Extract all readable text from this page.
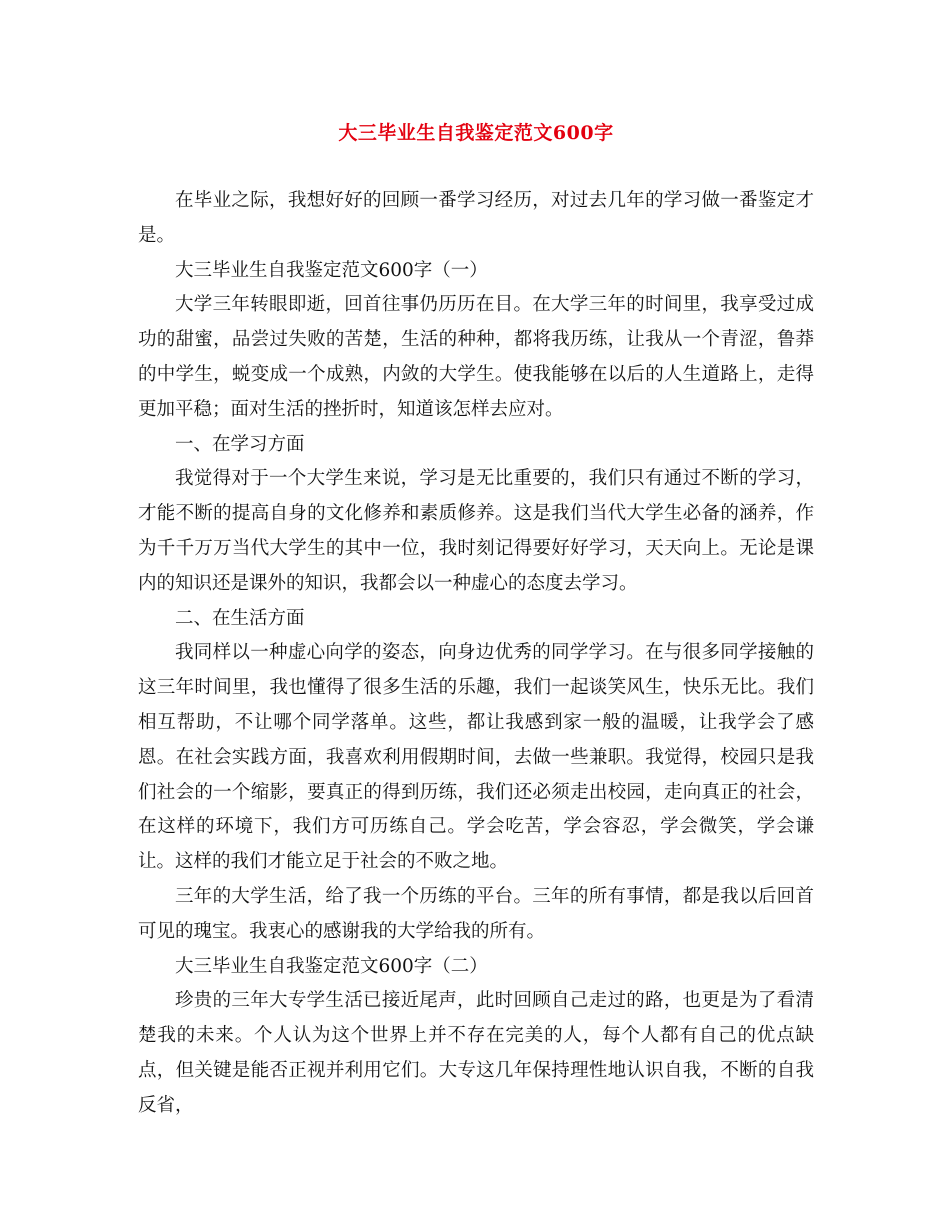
大三毕业生自我鉴定范文600字

在毕业之际，我想好好的回顾一番学习经历，对过去几年的学习做一番鉴定才是。

大三毕业生自我鉴定范文600字（一）

大学三年转眼即逝，回首往事仍历历在目。在大学三年的时间里，我享受过成功的甜蜜，品尝过失败的苦楚，生活的种种，都将我历练，让我从一个青涩，鲁莽的中学生，蜕变成一个成熟，内敛的大学生。使我能够在以后的人生道路上，走得更加平稳；面对生活的挫折时，知道该怎样去应对。

一、在学习方面

我觉得对于一个大学生来说，学习是无比重要的，我们只有通过不断的学习，才能不断的提高自身的文化修养和素质修养。这是我们当代大学生必备的涵养，作为千千万万当代大学生的其中一位，我时刻记得要好好学习，天天向上。无论是课内的知识还是课外的知识，我都会以一种虚心的态度去学习。

二、在生活方面

我同样以一种虚心向学的姿态，向身边优秀的同学学习。在与很多同学接触的这三年时间里，我也懂得了很多生活的乐趣，我们一起谈笑风生，快乐无比。我们相互帮助，不让哪个同学落单。这些，都让我感到家一般的温暖，让我学会了感恩。在社会实践方面，我喜欢利用假期时间，去做一些兼职。我觉得，校园只是我们社会的一个缩影，要真正的得到历练，我们还必须走出校园，走向真正的社会，在这样的环境下，我们方可历练自己。学会吃苦，学会容忍，学会微笑，学会谦让。这样的我们才能立足于社会的不败之地。

三年的大学生活，给了我一个历练的平台。三年的所有事情，都是我以后回首可见的瑰宝。我衷心的感谢我的大学给我的所有。

大三毕业生自我鉴定范文600字（二）

珍贵的三年大专学生活已接近尾声，此时回顾自己走过的路，也更是为了看清楚我的未来。个人认为这个世界上并不存在完美的人，每个人都有自己的优点缺点，但关键是能否正视并利用它们。大专这几年保持理性地认识自我，不断的自我反省，
